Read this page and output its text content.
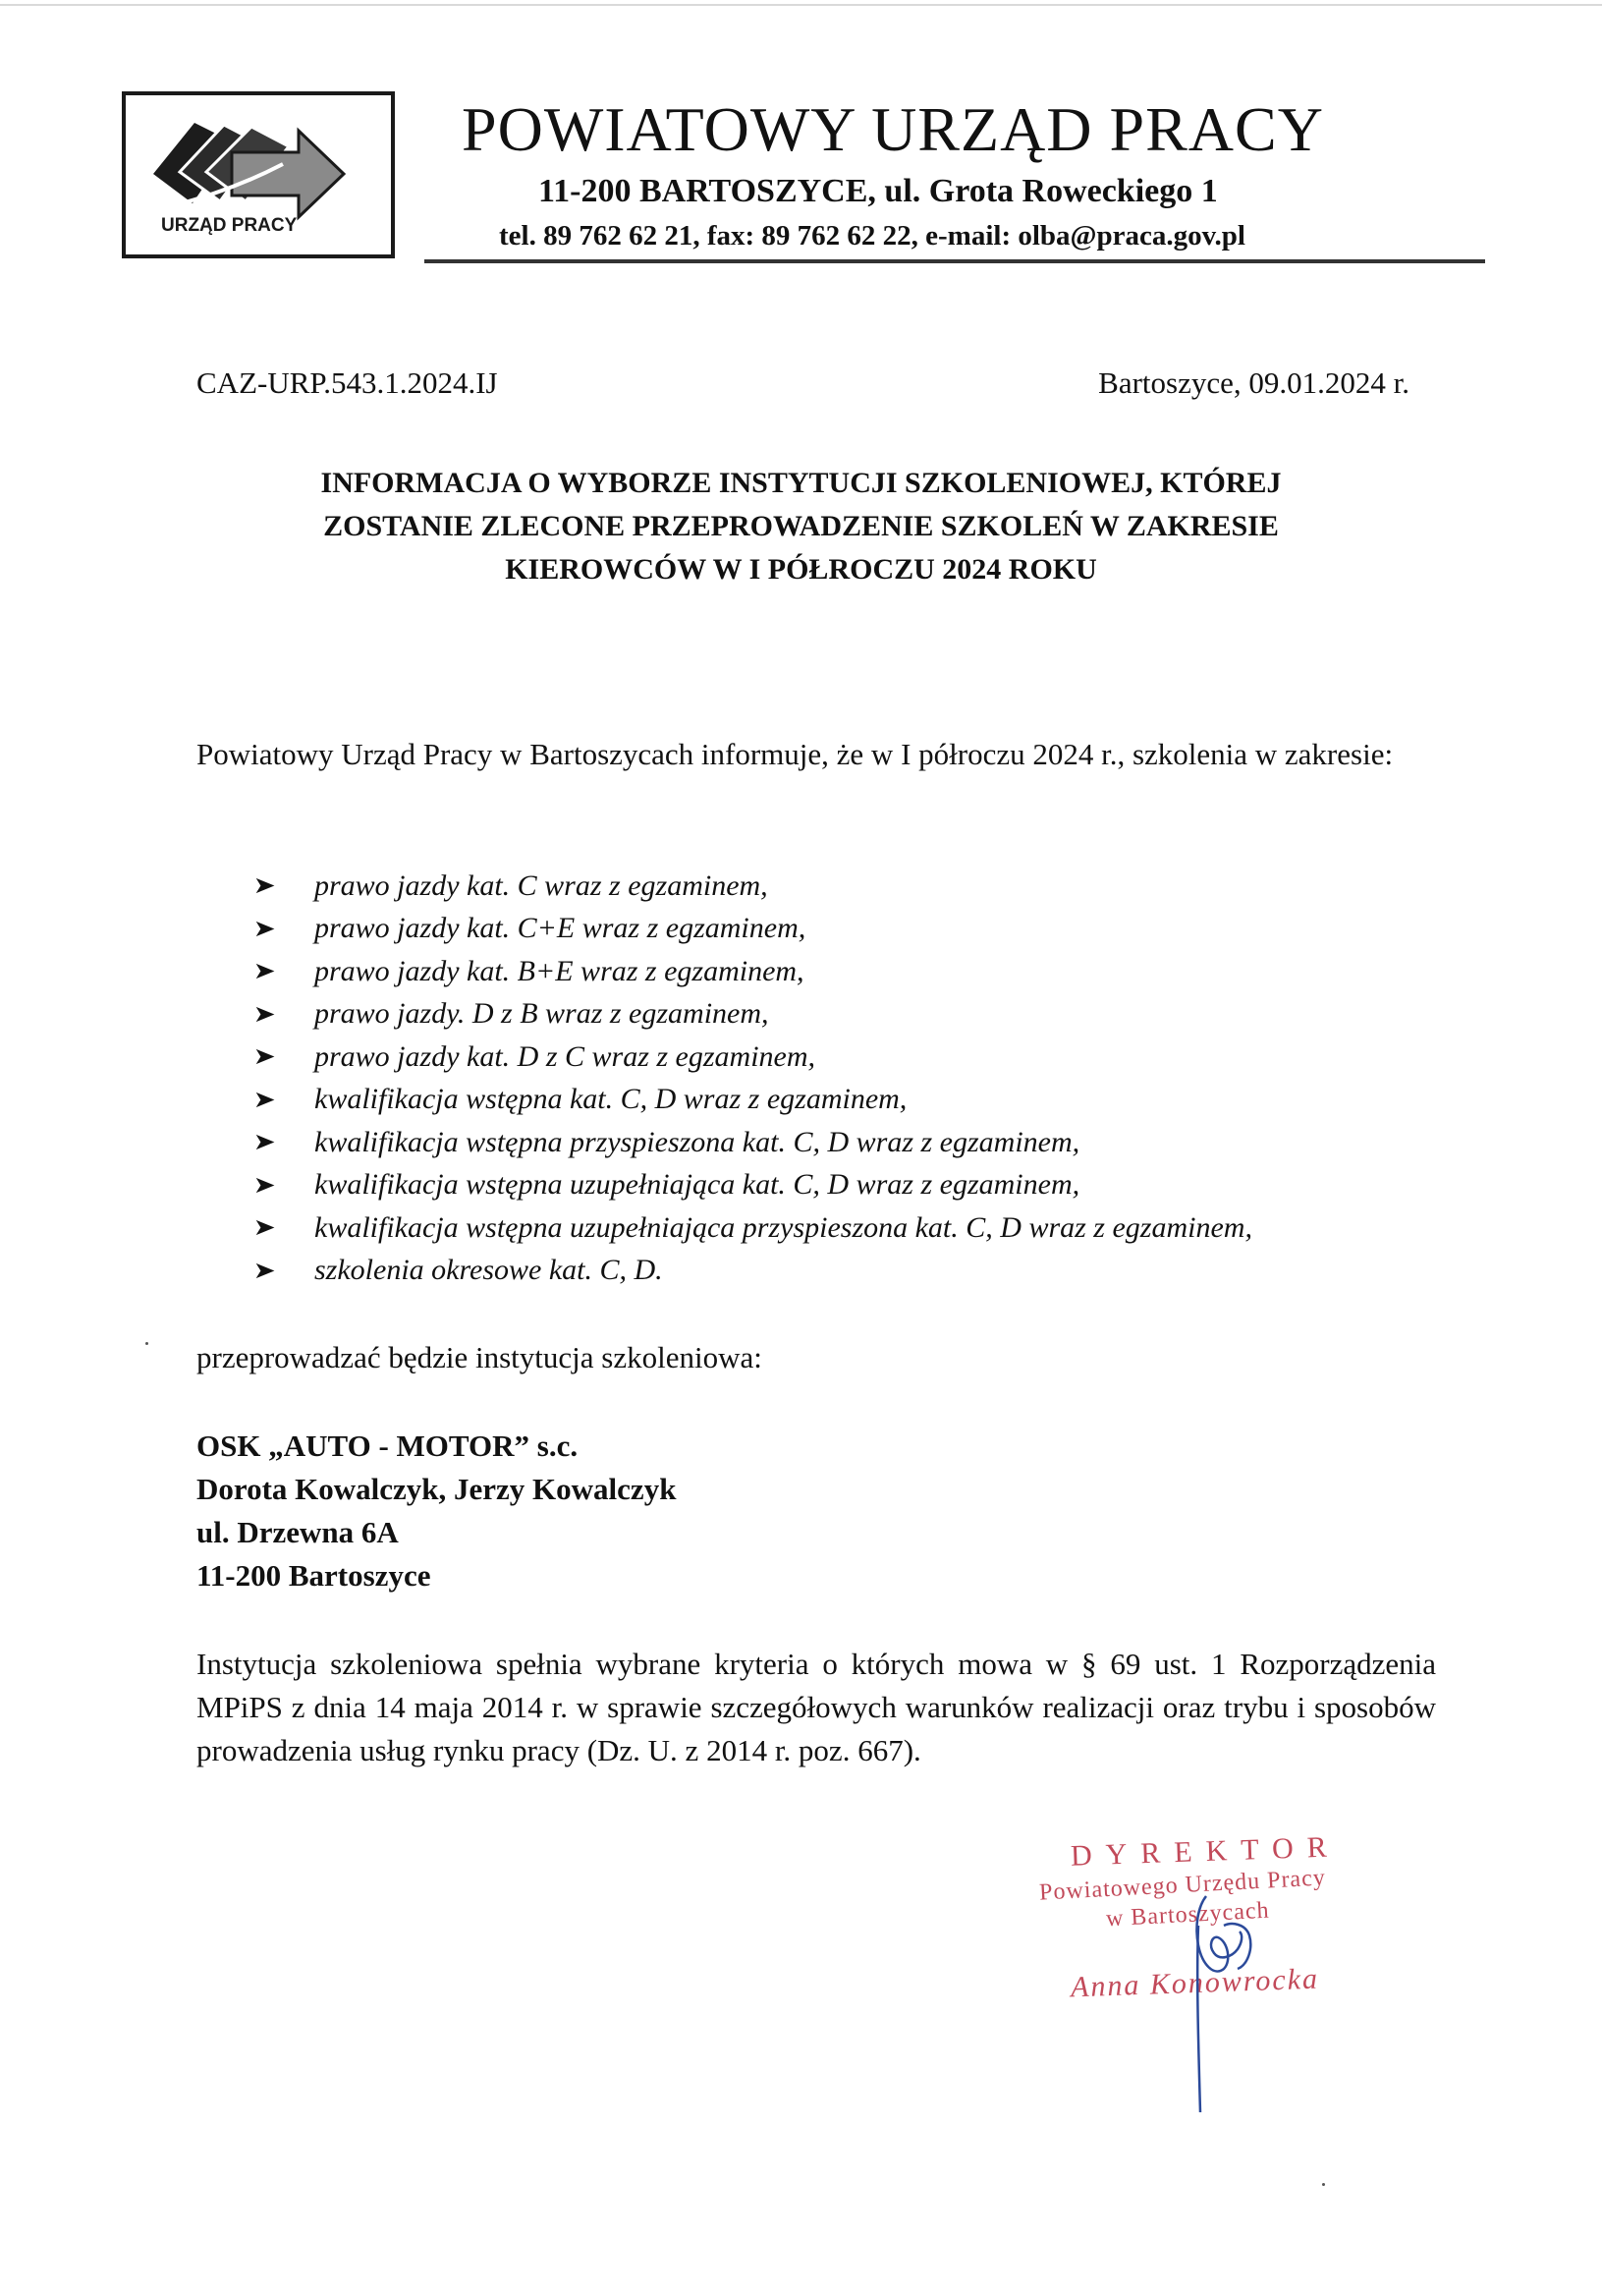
URZĄD PRACY
POWIATOWY URZĄD PRACY
11-200 BARTOSZYCE, ul. Grota Roweckiego 1
tel. 89 762 62 21, fax: 89 762 62 22, e-mail: olba@praca.gov.pl
CAZ-URP.543.1.2024.IJ	Bartoszyce, 09.01.2024 r.
INFORMACJA O WYBORZE INSTYTUCJI SZKOLENIOWEJ, KTÓREJ
ZOSTANIE ZLECONE PRZEPROWADZENIE SZKOLEŃ W ZAKRESIE
KIEROWCÓW W I PÓŁROCZU 2024 ROKU
Powiatowy Urząd Pracy w Bartoszycach informuje, że w I półroczu 2024 r., szkolenia w zakresie:
➤	prawo jazdy kat. C wraz z egzaminem,
➤	prawo jazdy kat. C+E wraz z egzaminem,
➤	prawo jazdy kat. B+E wraz z egzaminem,
➤	prawo jazdy. D z B wraz z egzaminem,
➤	prawo jazdy kat. D z C wraz z egzaminem,
➤	kwalifikacja wstępna kat. C, D wraz z egzaminem,
➤	kwalifikacja wstępna przyspieszona kat. C, D wraz z egzaminem,
➤	kwalifikacja wstępna uzupełniająca kat. C, D wraz z egzaminem,
➤	kwalifikacja wstępna uzupełniająca przyspieszona kat. C, D wraz z egzaminem,
➤	szkolenia okresowe kat. C, D.
przeprowadzać będzie instytucja szkoleniowa:
OSK „AUTO - MOTOR” s.c.
Dorota Kowalczyk, Jerzy Kowalczyk
ul. Drzewna 6A
11-200 Bartoszyce
Instytucja szkoleniowa spełnia wybrane kryteria o których mowa w § 69 ust. 1 Rozporządzenia MPiPS z dnia 14 maja 2014 r. w sprawie szczegółowych warunków realizacji oraz trybu i sposobów prowadzenia usług rynku pracy (Dz. U. z 2014 r. poz. 667).
DYREKTOR
Powiatowego Urzędu Pracy
w Bartoszycach
Anna Konowrocka
